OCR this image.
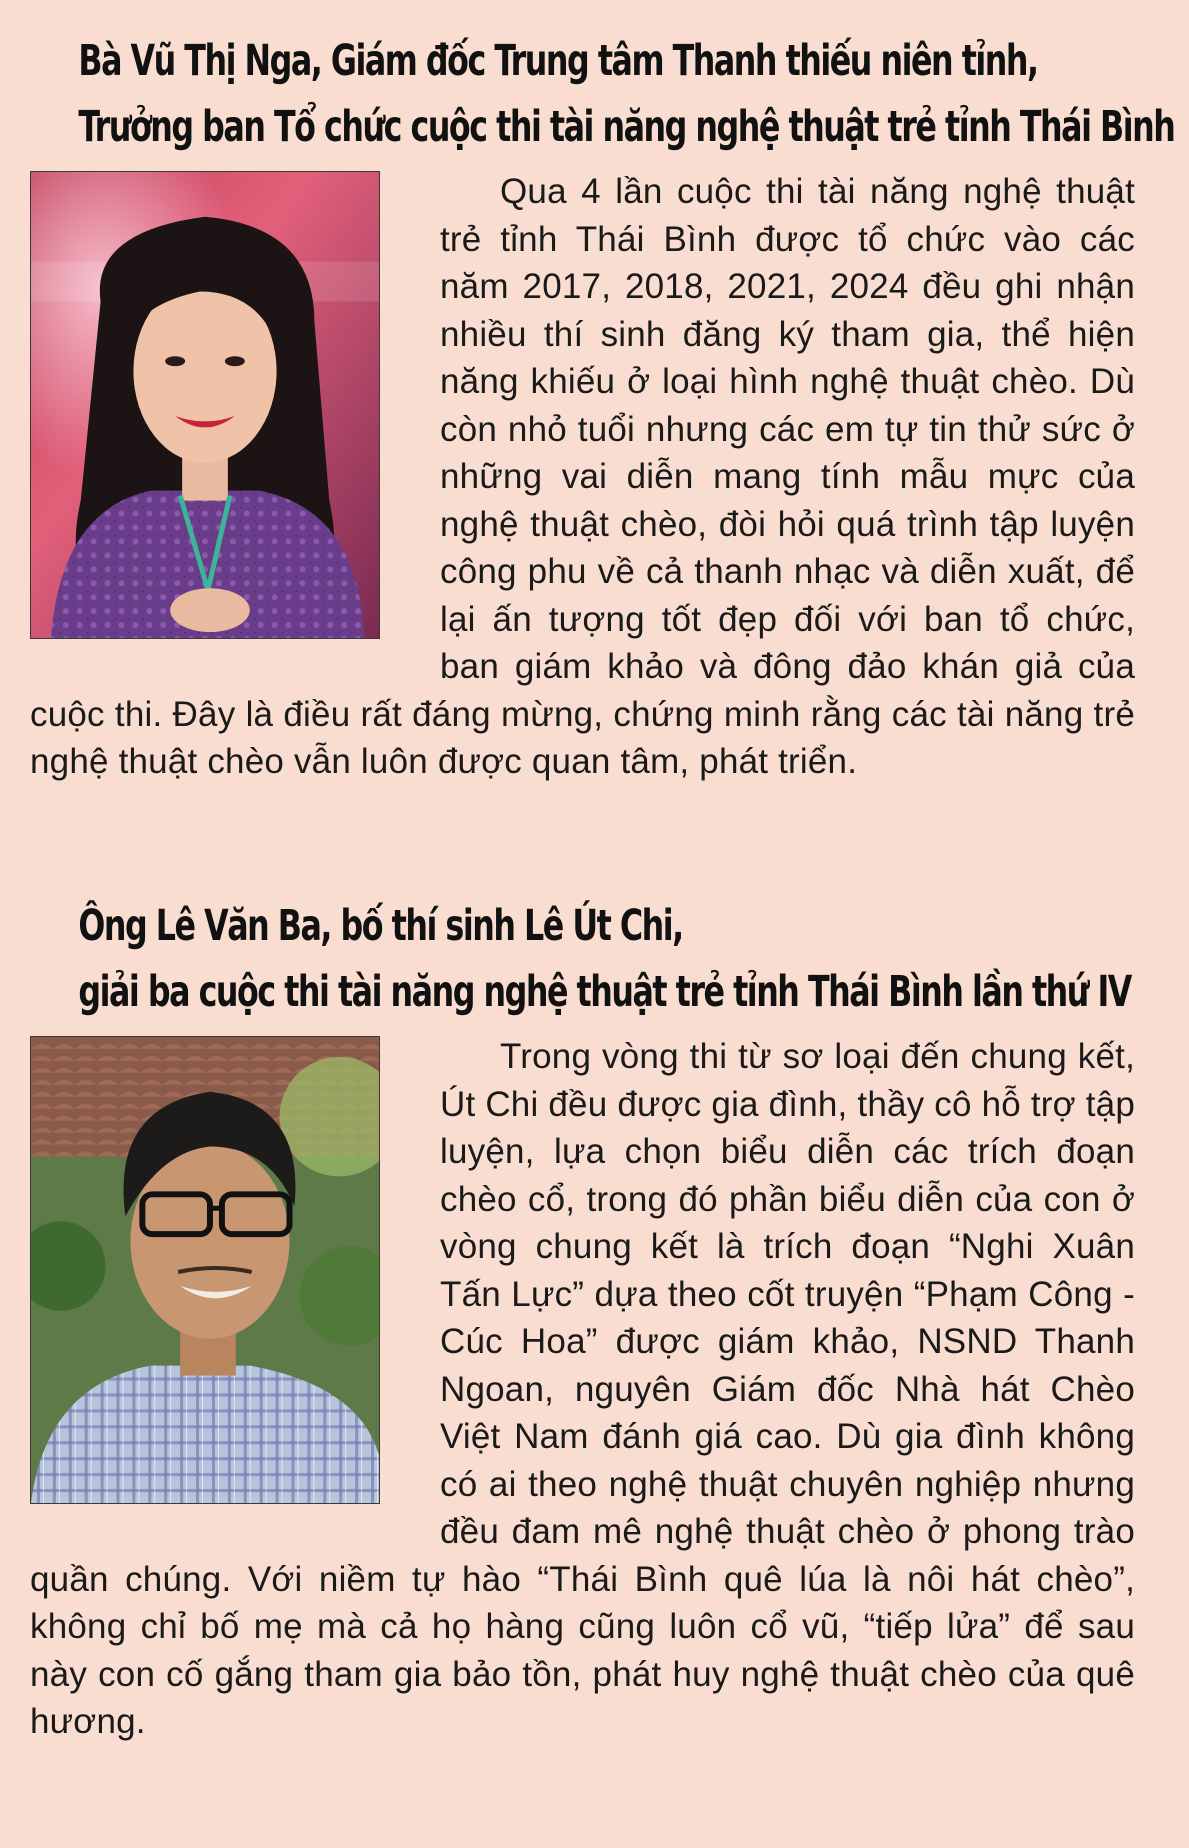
Bà Vũ Thị Nga, Giám đốc Trung tâm Thanh thiếu niên tỉnh,

Trưởng ban Tổ chức cuộc thi tài năng nghệ thuật trẻ tỉnh Thái Bình

Qua 4 lần cuộc thi tài năng nghệ thuật trẻ tỉnh Thái Bình được tổ chức vào các năm 2017, 2018, 2021, 2024 đều ghi nhận nhiều thí sinh đăng ký tham gia, thể hiện năng khiếu ở loại hình nghệ thuật chèo. Dù còn nhỏ tuổi nhưng các em tự tin thử sức ở những vai diễn mang tính mẫu mực của nghệ thuật chèo, đòi hỏi quá trình tập luyện công phu về cả thanh nhạc và diễn xuất, để lại ấn tượng tốt đẹp đối với ban tổ chức, ban giám khảo và đông đảo khán giả của cuộc thi. Đây là điều rất đáng mừng, chứng minh rằng các tài năng trẻ nghệ thuật chèo vẫn luôn được quan tâm, phát triển.

Ông Lê Văn Ba, bố thí sinh Lê Út Chi,

giải ba cuộc thi tài năng nghệ thuật trẻ tỉnh Thái Bình lần thứ IV

Trong vòng thi từ sơ loại đến chung kết, Út Chi đều được gia đình, thầy cô hỗ trợ tập luyện, lựa chọn biểu diễn các trích đoạn chèo cổ, trong đó phần biểu diễn của con ở vòng chung kết là trích đoạn “Nghi Xuân Tấn Lực” dựa theo cốt truyện “Phạm Công - Cúc Hoa” được giám khảo, NSND Thanh Ngoan, nguyên Giám đốc Nhà hát Chèo Việt Nam đánh giá cao. Dù gia đình không có ai theo nghệ thuật chuyên nghiệp nhưng đều đam mê nghệ thuật chèo ở phong trào quần chúng. Với niềm tự hào “Thái Bình quê lúa là nôi hát chèo”, không chỉ bố mẹ mà cả họ hàng cũng luôn cổ vũ, “tiếp lửa” để sau này con cố gắng tham gia bảo tồn, phát huy nghệ thuật chèo của quê hương.
